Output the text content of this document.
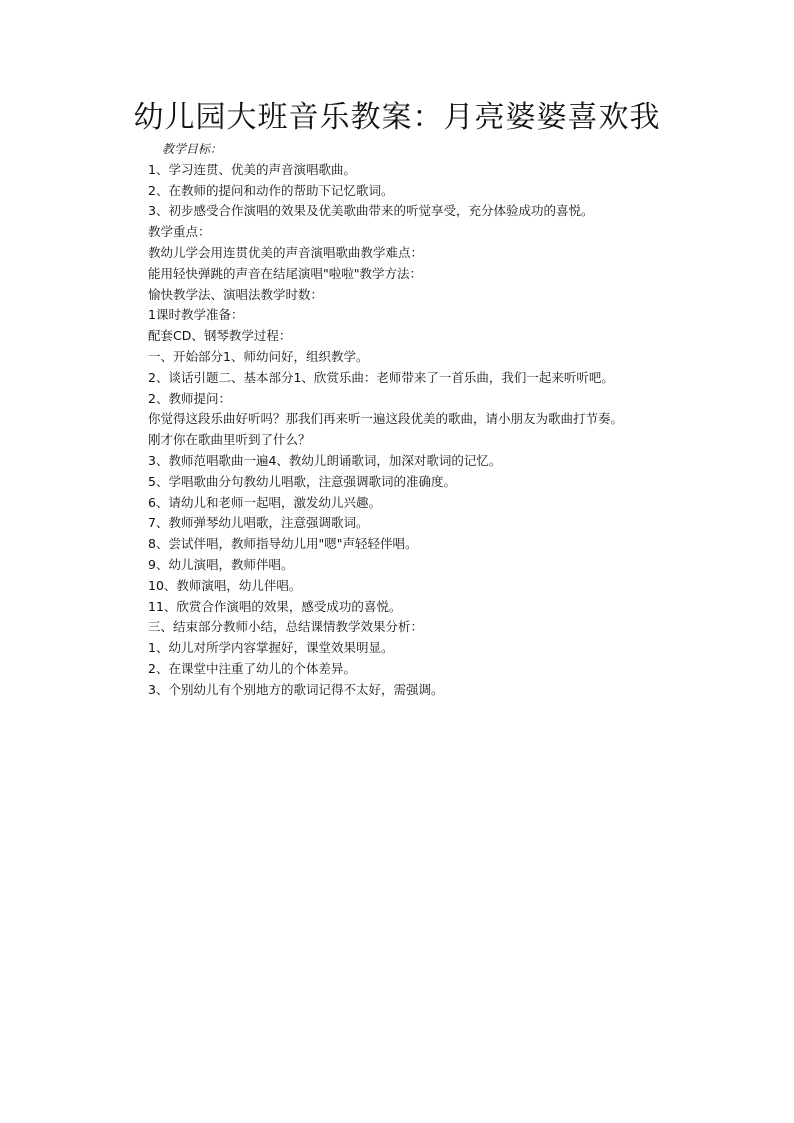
幼儿园大班音乐教案：月亮婆婆喜欢我
教学目标：
1、学习连贯、优美的声音演唱歌曲。
2、在教师的提问和动作的帮助下记忆歌词。
3、初步感受合作演唱的效果及优美歌曲带来的听觉享受，充分体验成功的喜悦。
教学重点：
教幼儿学会用连贯优美的声音演唱歌曲教学难点：
能用轻快弹跳的声音在结尾演唱"啦啦"教学方法：
愉快教学法、演唱法教学时数：
1课时教学准备：
配套CD、钢琴教学过程：
一、开始部分1、师幼问好，组织教学。
2、谈话引题二、基本部分1、欣赏乐曲：老师带来了一首乐曲，我们一起来听听吧。
2、教师提问：
你觉得这段乐曲好听吗？那我们再来听一遍这段优美的歌曲，请小朋友为歌曲打节奏。
刚才你在歌曲里听到了什么？
3、教师范唱歌曲一遍4、教幼儿朗诵歌词，加深对歌词的记忆。
5、学唱歌曲分句教幼儿唱歌，注意强调歌词的准确度。
6、请幼儿和老师一起唱，激发幼儿兴趣。
7、教师弹琴幼儿唱歌，注意强调歌词。
8、尝试伴唱，教师指导幼儿用"嗯"声轻轻伴唱。
9、幼儿演唱，教师伴唱。
10、教师演唱，幼儿伴唱。
11、欣赏合作演唱的效果，感受成功的喜悦。
三、结束部分教师小结，总结课情教学效果分析：
1、幼儿对所学内容掌握好，课堂效果明显。
2、在课堂中注重了幼儿的个体差异。
3、个别幼儿有个别地方的歌词记得不太好，需强调。
